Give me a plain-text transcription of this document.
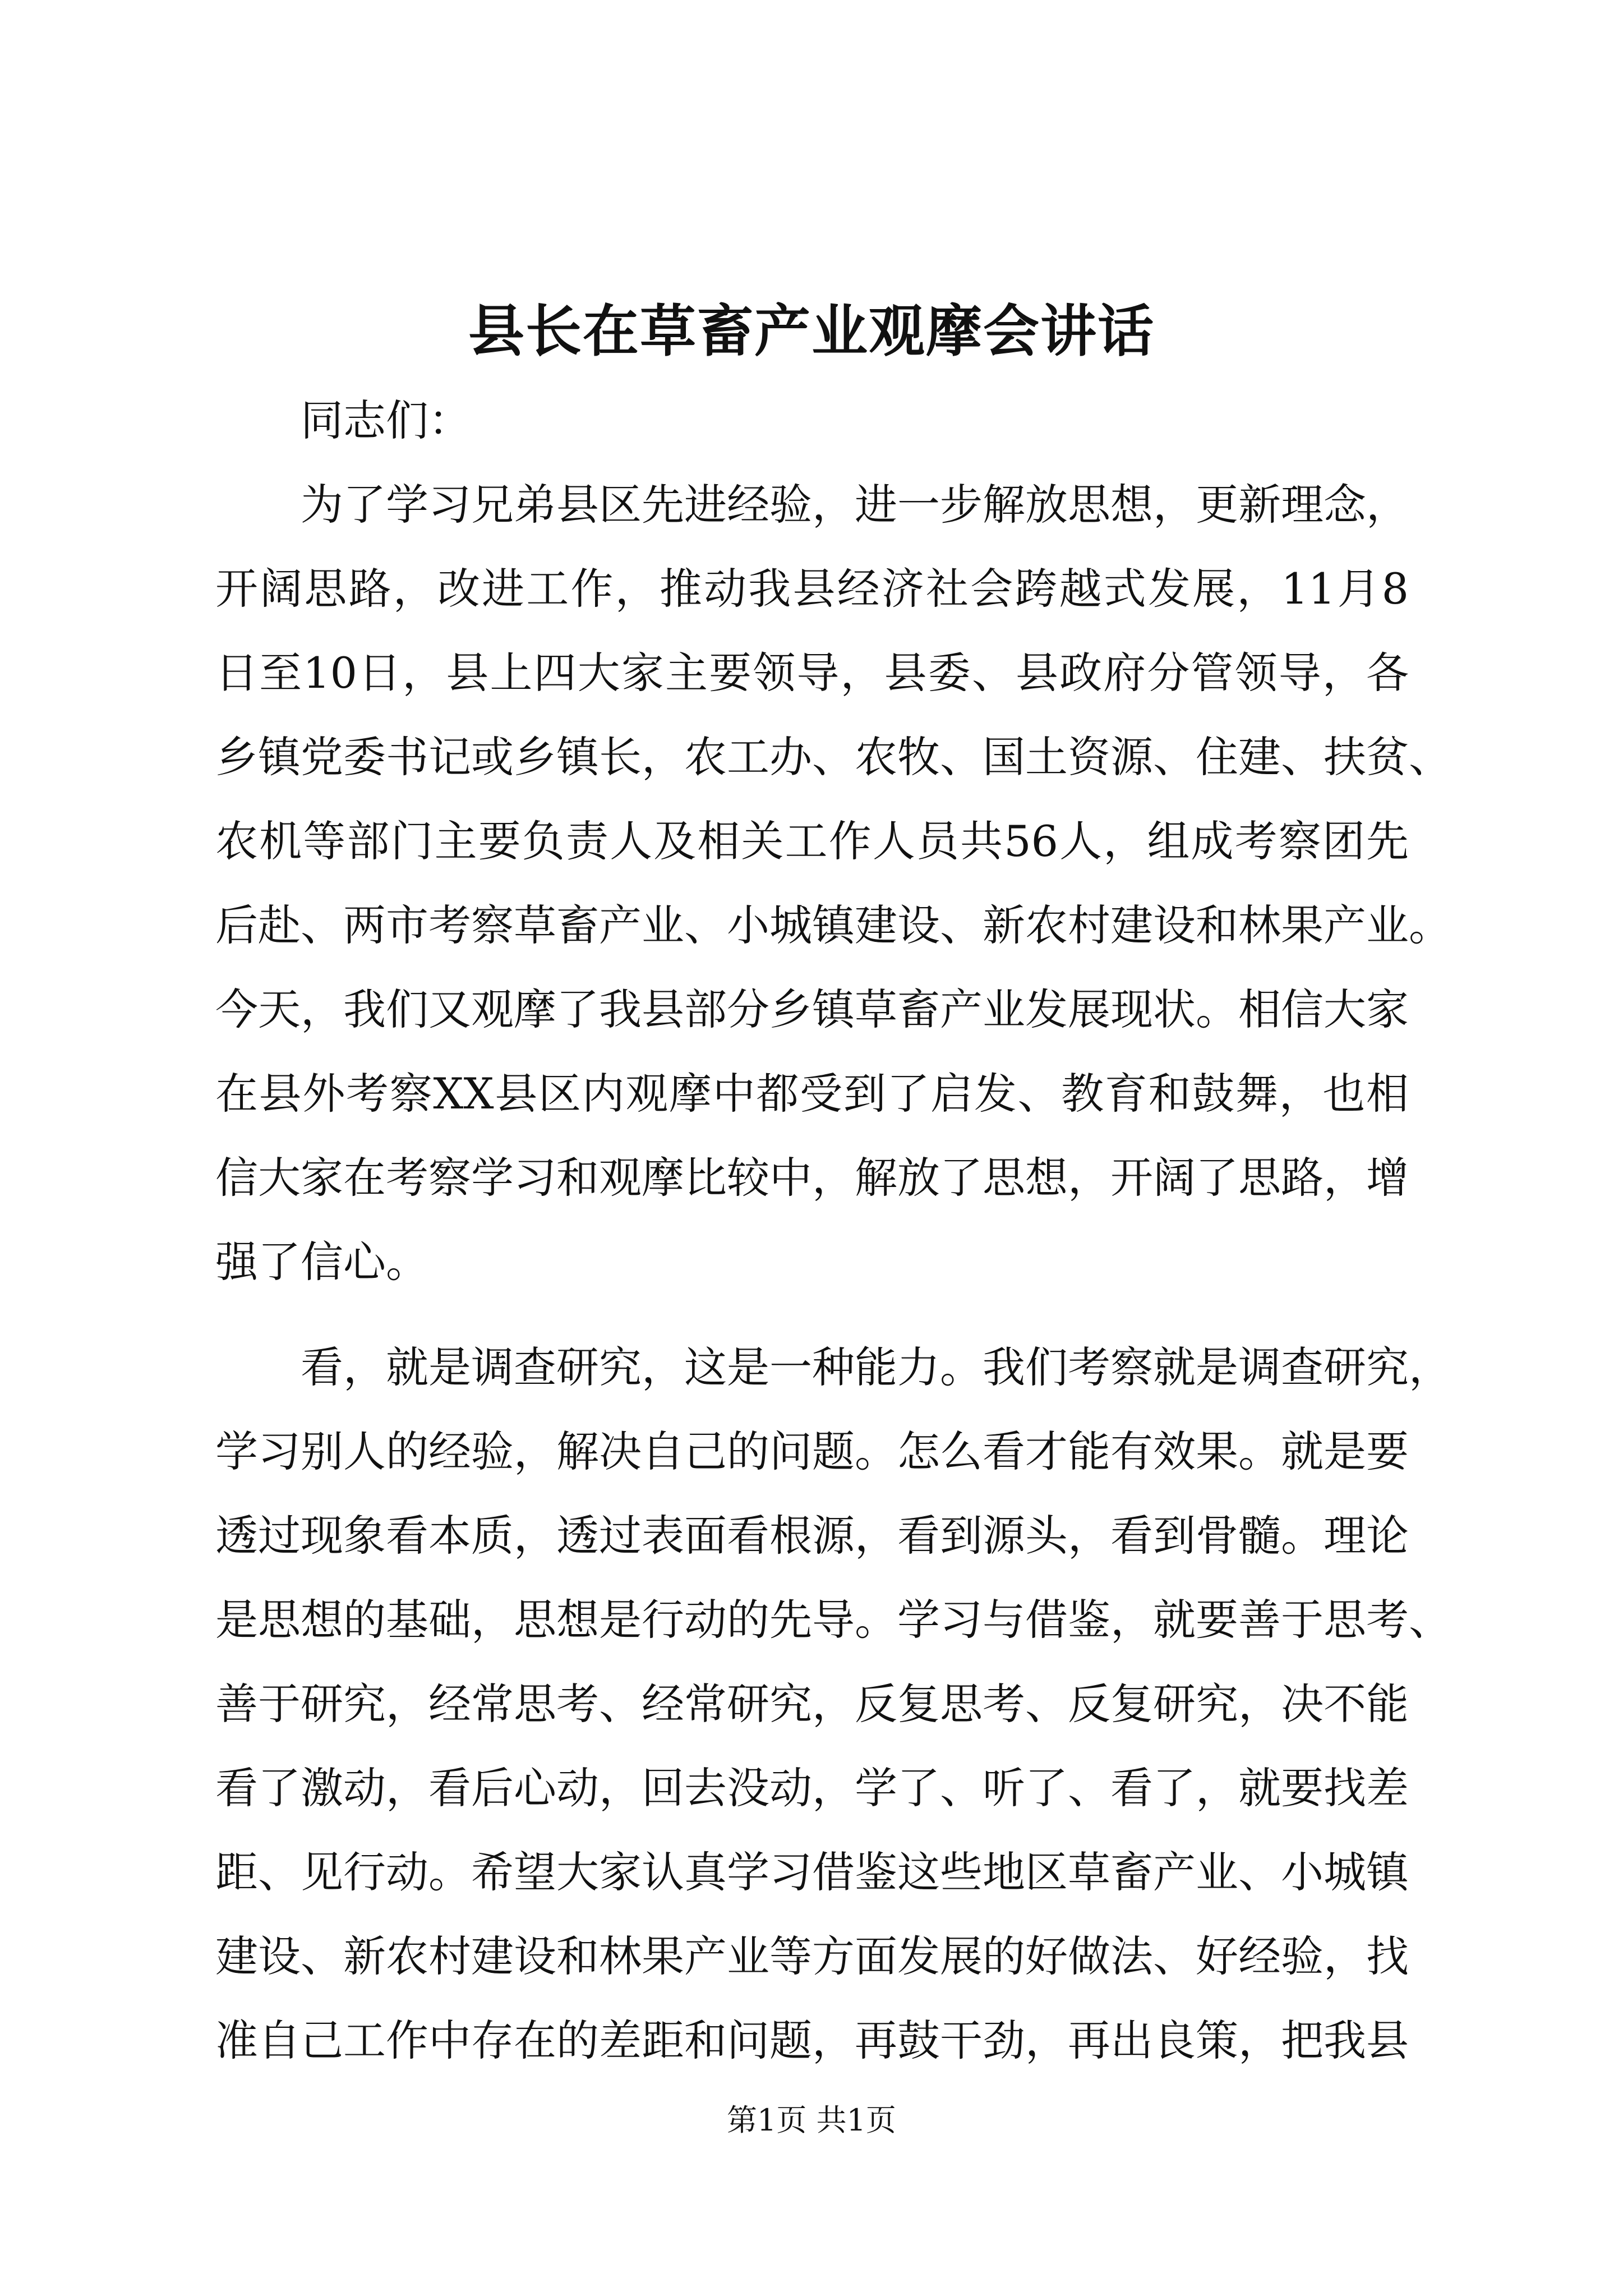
县长在草畜产业观摩会讲话
同志们：
为了学习兄弟县区先进经验，进一步解放思想，更新理念，
开阔思路，改进工作，推动我县经济社会跨越式发展，11月8
日至10日，县上四大家主要领导，县委、县政府分管领导，各
乡镇党委书记或乡镇长，农工办、农牧、国土资源、住建、扶贫、
农机等部门主要负责人及相关工作人员共56人，组成考察团先
后赴、两市考察草畜产业、小城镇建设、新农村建设和林果产业。
今天，我们又观摩了我县部分乡镇草畜产业发展现状。相信大家
在县外考察XX县区内观摩中都受到了启发、教育和鼓舞，也相
信大家在考察学习和观摩比较中，解放了思想，开阔了思路，增
强了信心。
看，就是调查研究，这是一种能力。我们考察就是调查研究，
学习别人的经验，解决自己的问题。怎么看才能有效果。就是要
透过现象看本质，透过表面看根源，看到源头，看到骨髓。理论
是思想的基础，思想是行动的先导。学习与借鉴，就要善于思考、
善于研究，经常思考、经常研究，反复思考、反复研究，决不能
看了激动，看后心动，回去没动，学了、听了、看了，就要找差
距、见行动。希望大家认真学习借鉴这些地区草畜产业、小城镇
建设、新农村建设和林果产业等方面发展的好做法、好经验，找
准自己工作中存在的差距和问题，再鼓干劲，再出良策，把我县
第1页 共1页
